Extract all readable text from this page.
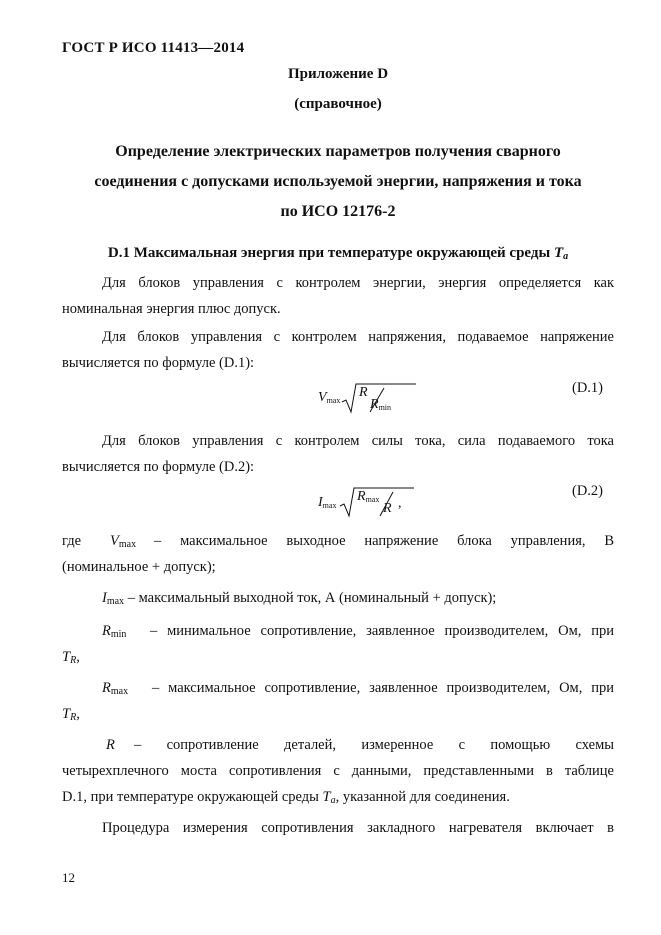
ГОСТ Р ИСО 11413—2014
Приложение D
(справочное)
Определение электрических параметров получения сварного
соединения с допусками используемой энергии, напряжения и тока
по ИСО 12176-2
D.1 Максимальная энергия при температуре окружающей среды $T_a$
Для блоков управления с контролем энергии, энергия определяется как
номинальная энергия плюс допуск.
Для блоков управления с контролем напряжения, подаваемое напряжение
вычисляется по формуле (D.1):
$V_{max}$
R
$R_{min}$
(D.1)
Для блоков управления с контролем силы тока, сила подаваемого тока
вычисляется по формуле (D.2):
$I_{max}$
$R_{max}$
R ,
(D.2)
где	$V_{max}$	– максимальное выходное напряжение блока управления, В
(номинальное + допуск);
$I_{max}$ – максимальный выходной ток, А (номинальный + допуск);
$R_{min}$	– минимальное сопротивление, заявленное производителем, Ом, при
$T_R$,
$R_{max}$	– максимальное сопротивление, заявленное производителем, Ом, при
$T_R$,
R	– сопротивление деталей, измеренное с помощью схемы
четырехплечного моста сопротивления с данными, представленными в таблице
D.1, при температуре окружающей среды $T_a$, указанной для соединения.
Процедура измерения сопротивления закладного нагревателя включает в
12
